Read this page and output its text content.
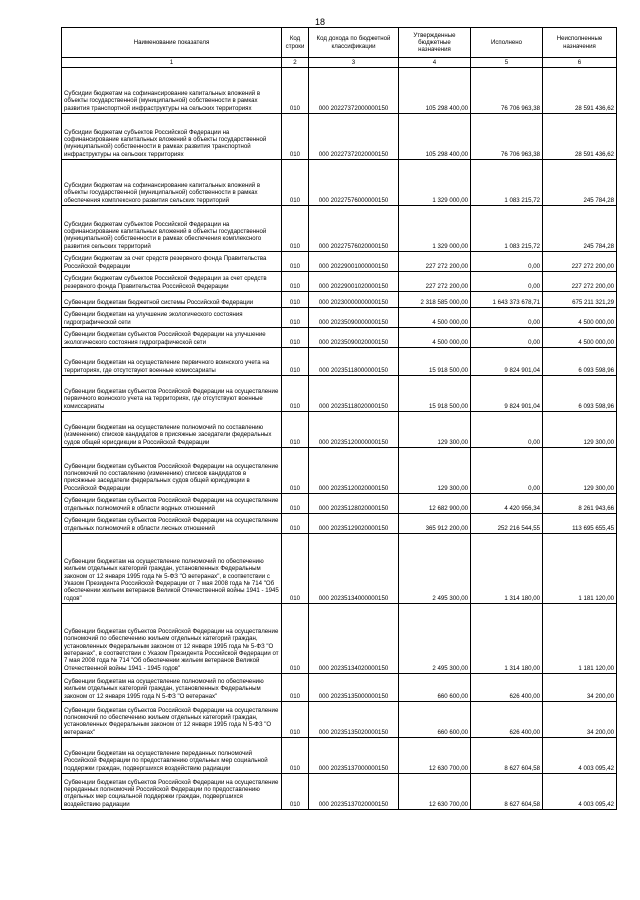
18
Наименование показателя	Код строки	Код дохода по бюджетной классификации	Утвержденные бюджетные назначения	Исполнено	Неисполненные назначения
1	2	3	4	5	6
Субсидии бюджетам на софинансирование капитальных вложений в объекты государственной (муниципальной) собственности в рамках развития транспортной инфраструктуры на сельских территориях	010	000 20227372000000150	105 298 400,00	76 706 963,38	28 591 436,62
Субсидии бюджетам субъектов Российской Федерации на софинансирование капитальных вложений в объекты государственной (муниципальной) собственности в рамках развития транспортной инфраструктуры на сельских территориях	010	000 20227372020000150	105 298 400,00	76 706 963,38	28 591 436,62
Субсидии бюджетам на софинансирование капитальных вложений в объекты государственной (муниципальной) собственности в рамках обеспечения комплексного развития сельских территорий	010	000 20227576000000150	1 329 000,00	1 083 215,72	245 784,28
Субсидии бюджетам субъектов Российской Федерации на софинансирование капитальных вложений в объекты государственной (муниципальной) собственности в рамках обеспечения комплексного развития сельских территорий	010	000 20227576020000150	1 329 000,00	1 083 215,72	245 784,28
Субсидии бюджетам за счет средств резервного фонда Правительства Российской Федерации	010	000 20229001000000150	227 272 200,00	0,00	227 272 200,00
Субсидии бюджетам субъектов Российской Федерации за счет средств резервного фонда Правительства Российской Федерации	010	000 20229001020000150	227 272 200,00	0,00	227 272 200,00
Субвенции бюджетам бюджетной системы Российской Федерации	010	000 20230000000000150	2 318 585 000,00	1 643 373 678,71	675 211 321,29
Субвенции бюджетам на улучшение экологического состояния гидрографической сети	010	000 20235090000000150	4 500 000,00	0,00	4 500 000,00
Субвенции бюджетам субъектов Российской Федерации на улучшение экологического состояния гидрографической сети	010	000 20235090020000150	4 500 000,00	0,00	4 500 000,00
Субвенции бюджетам на осуществление первичного воинского учета на территориях, где отсутствуют военные комиссариаты	010	000 20235118000000150	15 918 500,00	9 824 901,04	6 093 598,96
Субвенции бюджетам субъектов Российской Федерации на осуществление первичного воинского учета на территориях, где отсутствуют военные комиссариаты	010	000 20235118020000150	15 918 500,00	9 824 901,04	6 093 598,96
Субвенции бюджетам на осуществление полномочий по составлению (изменению) списков кандидатов в присяжные заседатели федеральных судов общей юрисдикции в Российской Федерации	010	000 20235120000000150	129 300,00	0,00	129 300,00
Субвенции бюджетам субъектов Российской Федерации на осуществление полномочий по составлению (изменению) списков кандидатов в присяжные заседатели федеральных судов общей юрисдикции в Российской Федерации	010	000 20235120020000150	129 300,00	0,00	129 300,00
Субвенции бюджетам субъектов Российской Федерации на осуществление отдельных полномочий в области водных отношений	010	000 20235128020000150	12 682 900,00	4 420 956,34	8 261 943,66
Субвенции бюджетам субъектов Российской Федерации на осуществление отдельных полномочий в области лесных отношений	010	000 20235129020000150	365 912 200,00	252 216 544,55	113 695 655,45
Субвенции бюджетам на осуществление полномочий по обеспечению жильем отдельных категорий граждан, установленных Федеральным законом от 12 января 1995 года № 5-ФЗ "О ветеранах", в соответствии с Указом Президента Российской Федерации от 7 мая 2008 года № 714 "Об обеспечении жильем ветеранов Великой Отечественной войны 1941 - 1945 годов"	010	000 20235134000000150	2 495 300,00	1 314 180,00	1 181 120,00
Субвенции бюджетам субъектов Российской Федерации на осуществление полномочий по обеспечению жильем отдельных категорий граждан, установленных Федеральным законом от 12 января 1995 года № 5-ФЗ "О ветеранах", в соответствии с Указом Президента Российской Федерации от 7 мая 2008 года № 714 "Об обеспечении жильем ветеранов Великой Отечественной войны 1941 - 1945 годов"	010	000 20235134020000150	2 495 300,00	1 314 180,00	1 181 120,00
Субвенции бюджетам на осуществление полномочий по обеспечению жильем отдельных категорий граждан, установленных Федеральным законом от 12 января 1995 года N 5-ФЗ "О ветеранах"	010	000 20235135000000150	660 600,00	626 400,00	34 200,00
Субвенции бюджетам субъектов Российской Федерации на осуществление полномочий по обеспечению жильем отдельных категорий граждан, установленных Федеральным законом от 12 января 1995 года N 5-ФЗ "О ветеранах"	010	000 20235135020000150	660 600,00	626 400,00	34 200,00
Субвенции бюджетам на осуществление переданных полномочий Российской Федерации по предоставлению отдельных мер социальной поддержки граждан, подвергшихся воздействию радиации	010	000 20235137000000150	12 630 700,00	8 627 604,58	4 003 095,42
Субвенции бюджетам субъектов Российской Федерации на осуществление переданных полномочий Российской Федерации по предоставлению отдельных мер социальной поддержки граждан, подвергшихся воздействию радиации	010	000 20235137020000150	12 630 700,00	8 627 604,58	4 003 095,42
